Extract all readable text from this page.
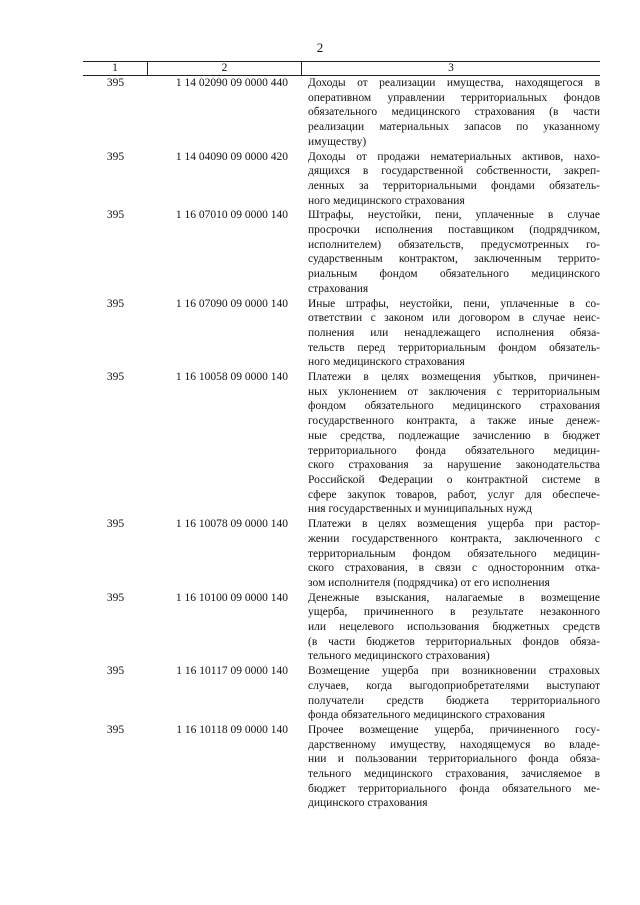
2
1	2	3
395	1 14 02090 09 0000 440	Доходы от реализации имущества, находящегося в
оперативном управлении территориальных фондов
обязательного медицинского страхования (в части
реализации материальных запасов по указанному
имуществу)
395	1 14 04090 09 0000 420	Доходы от продажи нематериальных активов, нахо-
дящихся в государственной собственности, закреп-
ленных за территориальными фондами обязатель-
ного медицинского страхования
395	1 16 07010 09 0000 140	Штрафы, неустойки, пени, уплаченные в случае
просрочки исполнения поставщиком (подрядчиком,
исполнителем) обязательств, предусмотренных го-
сударственным контрактом, заключенным террито-
риальным фондом обязательного медицинского
страхования
395	1 16 07090 09 0000 140	Иные штрафы, неустойки, пени, уплаченные в со-
ответствии с законом или договором в случае неис-
полнения или ненадлежащего исполнения обяза-
тельств перед территориальным фондом обязатель-
ного медицинского страхования
395	1 16 10058 09 0000 140	Платежи в целях возмещения убытков, причинен-
ных уклонением от заключения с территориальным
фондом обязательного медицинского страхования
государственного контракта, а также иные денеж-
ные средства, подлежащие зачислению в бюджет
территориального фонда обязательного медицин-
ского страхования за нарушение законодательства
Российской Федерации о контрактной системе в
сфере закупок товаров, работ, услуг для обеспече-
ния государственных и муниципальных нужд
395	1 16 10078 09 0000 140	Платежи в целях возмещения ущерба при растор-
жении государственного контракта, заключенного с
территориальным фондом обязательного медицин-
ского страхования, в связи с односторонним отка-
зом исполнителя (подрядчика) от его исполнения
395	1 16 10100 09 0000 140	Денежные взыскания, налагаемые в возмещение
ущерба, причиненного в результате незаконного
или нецелевого использования бюджетных средств
(в части бюджетов территориальных фондов обяза-
тельного медицинского страхования)
395	1 16 10117 09 0000 140	Возмещение ущерба при возникновении страховых
случаев, когда выгодоприобретателями выступают
получатели средств бюджета территориального
фонда обязательного медицинского страхования
395	1 16 10118 09 0000 140	Прочее возмещение ущерба, причиненного госу-
дарственному имуществу, находящемуся во владе-
нии и пользовании территориального фонда обяза-
тельного медицинского страхования, зачисляемое в
бюджет территориального фонда обязательного ме-
дицинского страхования
